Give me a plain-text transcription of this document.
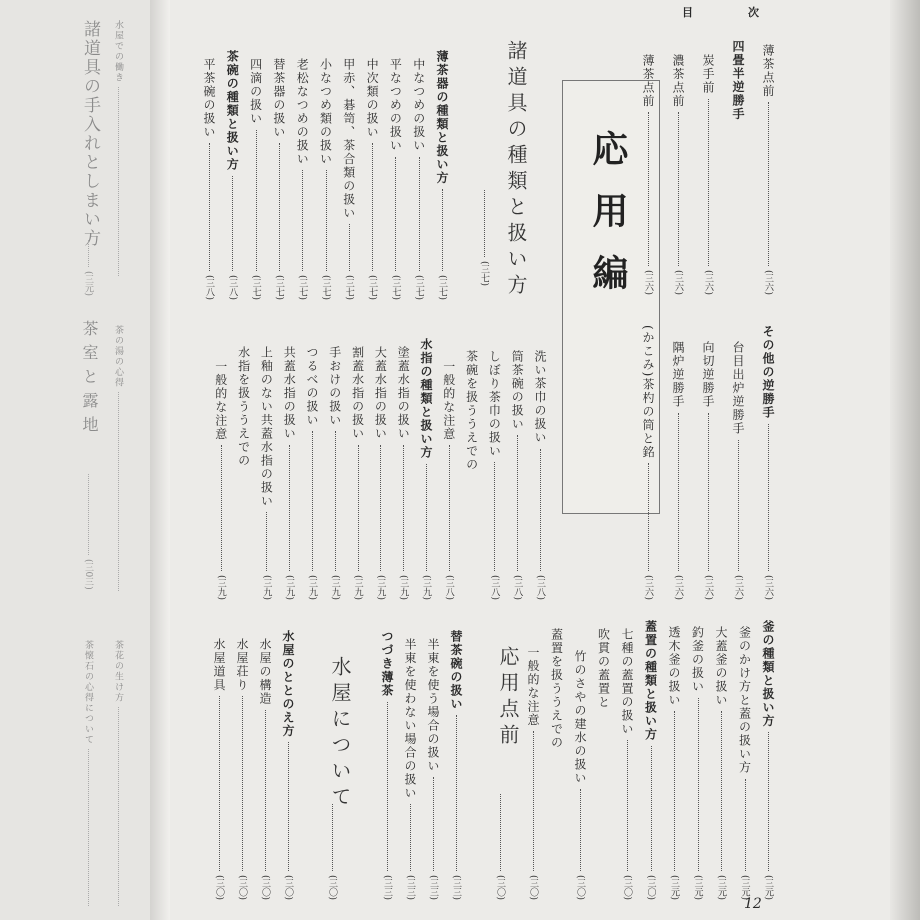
水屋での働き
諸道具の手入れとしまい方
(三元)
茶の湯の心得
茶室と露地
(三0三)
茶花の生け方
茶懐石の心得について
目	次
応用編
薄茶点前
(三六)
四畳半逆勝手
炭手前
(三六)
濃茶点前
(三六)
薄茶点前
(三六)
その他の逆勝手
(三六)
台目出炉逆勝手
(三六)
向切逆勝手
(三六)
隅炉逆勝手
(三六)
(かこみ)茶杓の筒と銘
(三六)
諸道具の種類と扱い方
(三七)
薄茶器の種類と扱い方
(三七)
中なつめの扱い
(三七)
平なつめの扱い
(三七)
中次類の扱い
(三七)
甲赤、碁笥、茶合類の扱い
(三七)
小なつめ類の扱い
(三七)
老松なつめの扱い
(三七)
替茶器の扱い
(三七)
四滴の扱い
(三七)
茶碗の種類と扱い方
(三八)
平茶碗の扱い
(三八)
洗い茶巾の扱い
(三八)
筒茶碗の扱い
(三八)
しぼり茶巾の扱い
(三八)
茶碗を扱ううえでの
一般的な注意
(三八)
水指の種類と扱い方
(三九)
塗蓋水指の扱い
(三九)
大蓋水指の扱い
(三九)
割蓋水指の扱い
(三九)
手おけの扱い
(三九)
つるべの扱い
(三九)
共蓋水指の扱い
(三九)
上釉のない共蓋水指の扱い
(三九)
水指を扱ううえでの
一般的な注意
(三九)
釜の種類と扱い方
(三元)
釜のかけ方と蓋の扱い方
(三元)
大蓋釜の扱い
(三元)
釣釜の扱い
(三元)
透木釜の扱い
(三元)
蓋置の種類と扱い方
(三〇)
七種の蓋置の扱い
(三〇)
吹貫の蓋置と
竹のさやの建水の扱い
(三〇)
蓋置を扱ううえでの
一般的な注意
(三〇)
応用点前
(三〇)
替茶碗の扱い
(三三)
半東を使う場合の扱い
(三三)
半東を使わない場合の扱い
(三三)
つづき薄茶
(三三)
水屋について
(三〇)
水屋のととのえ方
(三〇)
水屋の構造
(三〇)
水屋荘り
(三〇)
水屋道具
(三〇)
12
